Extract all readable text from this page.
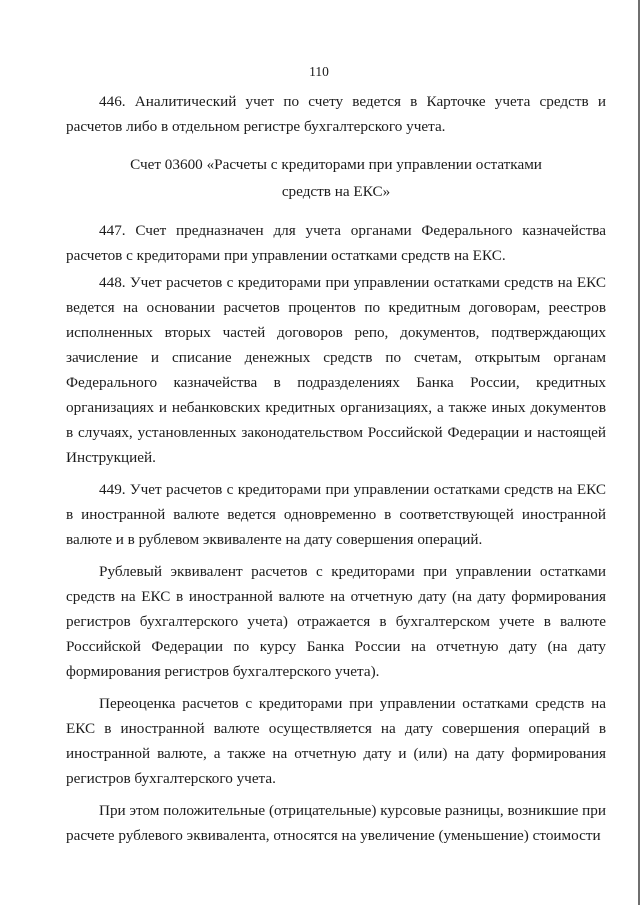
110

446. Аналитический учет по счету ведется в Карточке учета средств и расчетов либо в отдельном регистре бухгалтерского учета.

Счет 03600 «Расчеты с кредиторами при управлении остатками
средств на ЕКС»

447. Счет предназначен для учета органами Федерального казначейства расчетов с кредиторами при управлении остатками средств на ЕКС.

448. Учет расчетов с кредиторами при управлении остатками средств на ЕКС ведется на основании расчетов процентов по кредитным договорам, реестров исполненных вторых частей договоров репо, документов, подтверждающих зачисление и списание денежных средств по счетам, открытым органам Федерального казначейства в подразделениях Банка России, кредитных организациях и небанковских кредитных организациях, а также иных документов в случаях, установленных законодательством Российской Федерации и настоящей Инструкцией.

449. Учет расчетов с кредиторами при управлении остатками средств на ЕКС в иностранной валюте ведется одновременно в соответствующей иностранной валюте и в рублевом эквиваленте на дату совершения операций.

Рублевый эквивалент расчетов с кредиторами при управлении остатками средств на ЕКС в иностранной валюте на отчетную дату (на дату формирования регистров бухгалтерского учета) отражается в бухгалтерском учете в валюте Российской Федерации по курсу Банка России на отчетную дату (на дату формирования регистров бухгалтерского учета).

Переоценка расчетов с кредиторами при управлении остатками средств на ЕКС в иностранной валюте осуществляется на дату совершения операций в иностранной валюте, а также на отчетную дату и (или) на дату формирования регистров бухгалтерского учета.

При этом положительные (отрицательные) курсовые разницы, возникшие при расчете рублевого эквивалента, относятся на увеличение (уменьшение) стоимости
